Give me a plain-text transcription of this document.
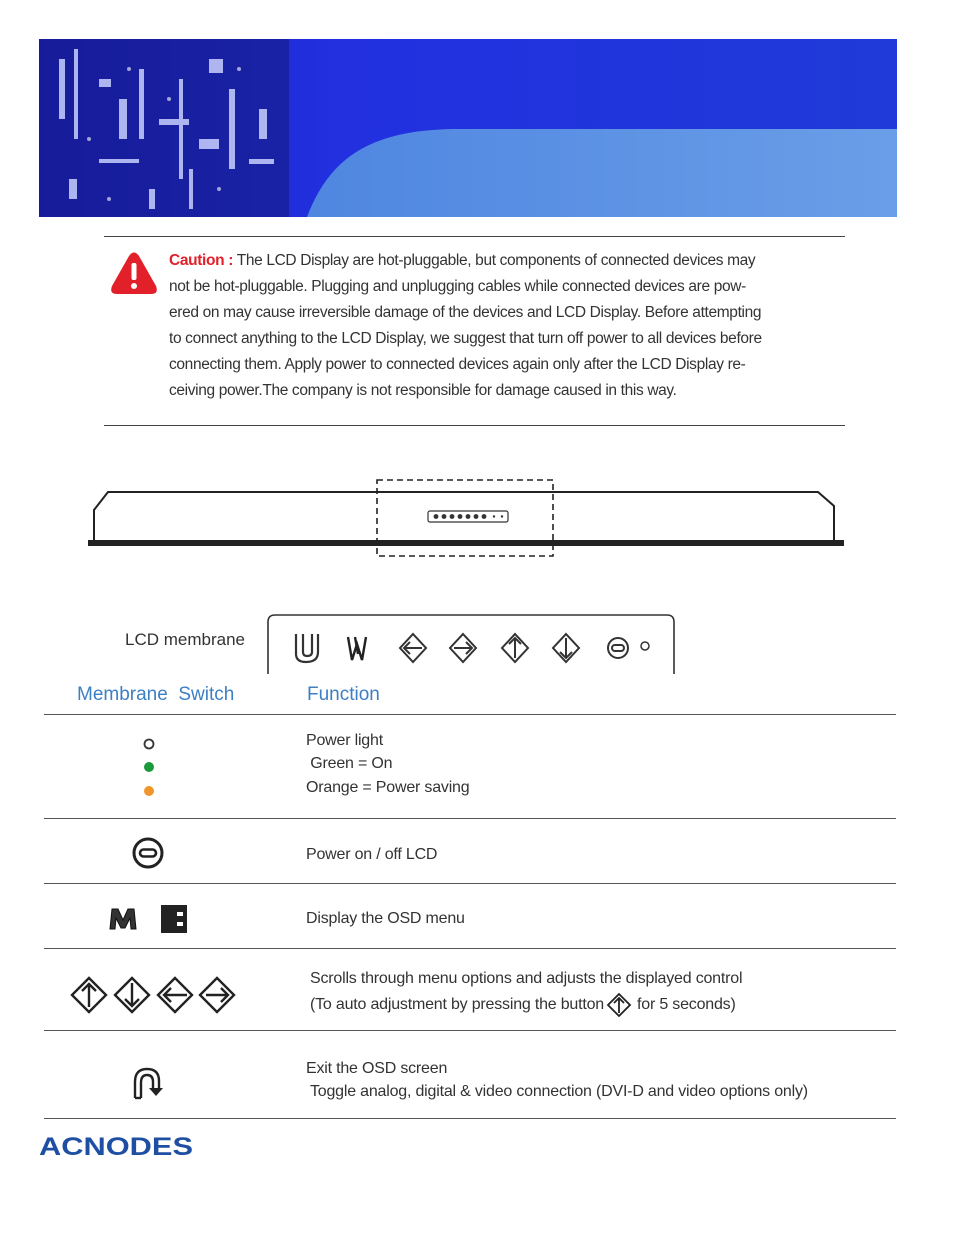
Caution : The LCD Display are hot-pluggable, but components of connected devices may

not be hot-pluggable. Plugging and unplugging cables while connected devices are pow-

ered on may cause irreversible damage of the devices and LCD Display. Before attempting

to connect anything to the LCD Display, we suggest that turn off power to all devices before

connecting them. Apply power to connected devices again only after the LCD Display re-

ceiving power.The company is not responsible for damage caused in this way.

LCD membrane
Membrane  Switch	Function
Power light
Green = On
Orange = Power saving
Power on / off LCD
Display the OSD menu
Scrolls through menu options and adjusts the displayed control
(To auto adjustment by pressing the button for 5 seconds)
Exit the OSD screen
Toggle analog, digital & video connection (DVI-D and video options only)
ACNODES
